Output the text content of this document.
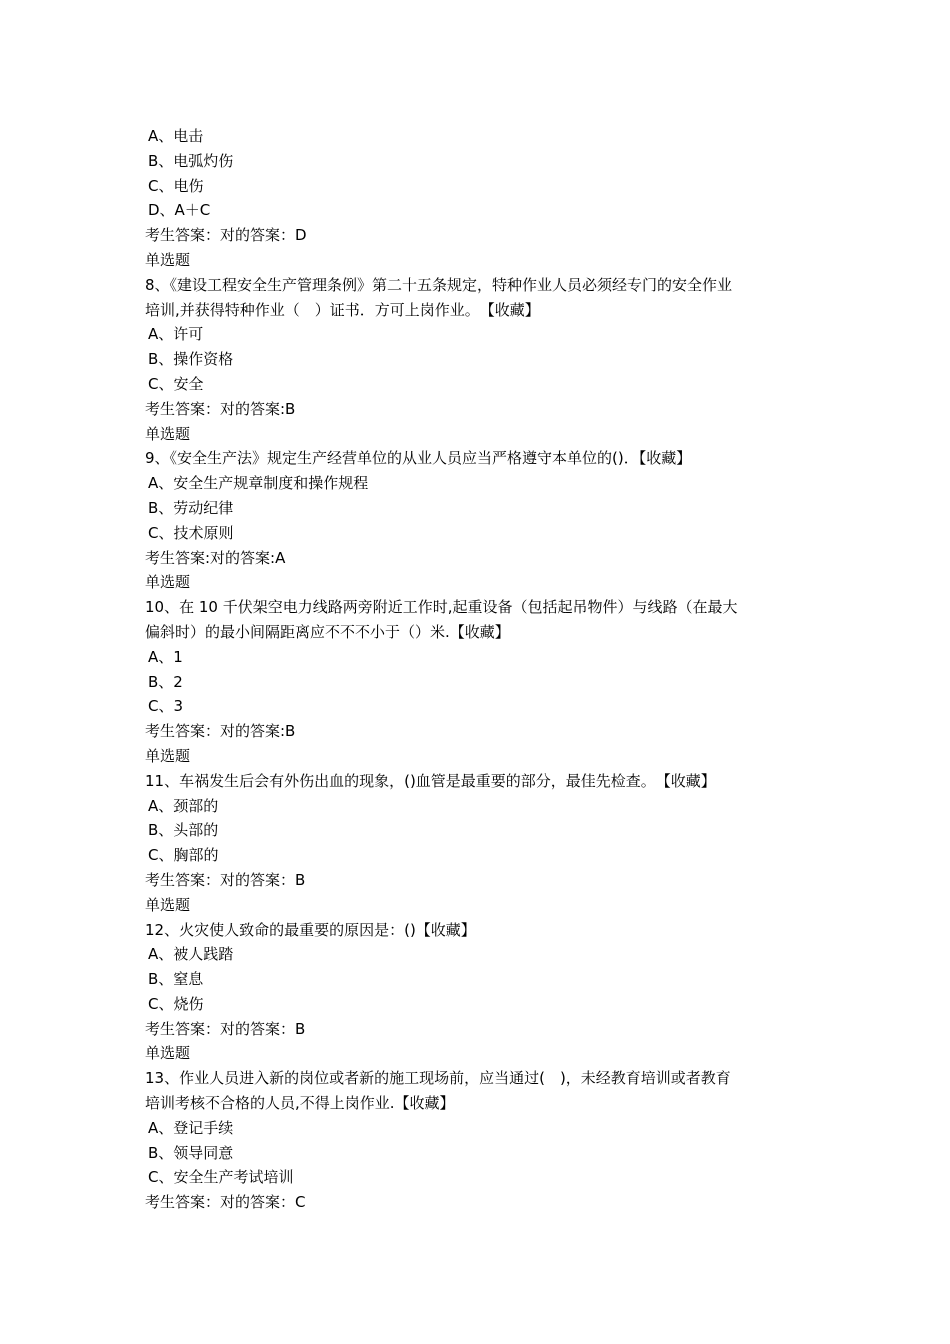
A、电击
B、电弧灼伤
C、电伤
D、A＋C
考生答案：对的答案：D
单选题
8、《建设工程安全生产管理条例》第二十五条规定，特种作业人员必须经专门的安全作业
培训,并获得特种作业（　）证书．方可上岗作业。　【收藏】
A、许可
B、操作资格
C、安全
考生答案：对的答案:B
单选题
9、《安全生产法》规定生产经营单位的从业人员应当严格遵守本单位的()．【收藏】
A、安全生产规章制度和操作规程
B、劳动纪律
C、技术原则
考生答案:对的答案:A
单选题
10、在 10 千伏架空电力线路两旁附近工作时,起重设备（包括起吊物件）与线路（在最大
偏斜时）的最小间隔距离应不不不小于（）米.【收藏】
A、1
B、2
C、3
考生答案：对的答案:B
单选题
11、车祸发生后会有外伤出血的现象，()血管是最重要的部分，最佳先检查。　【收藏】
A、颈部的
B、头部的
C、胸部的
考生答案：对的答案：B
单选题
12、火灾使人致命的最重要的原因是：()【收藏】
A、被人践踏
B、窒息
C、烧伤
考生答案：对的答案：B
单选题
13、作业人员进入新的岗位或者新的施工现场前，应当通过(　)，未经教育培训或者教育
培训考核不合格的人员,不得上岗作业.【收藏】
A、登记手续
B、领导同意
C、安全生产考试培训
考生答案：对的答案：C
